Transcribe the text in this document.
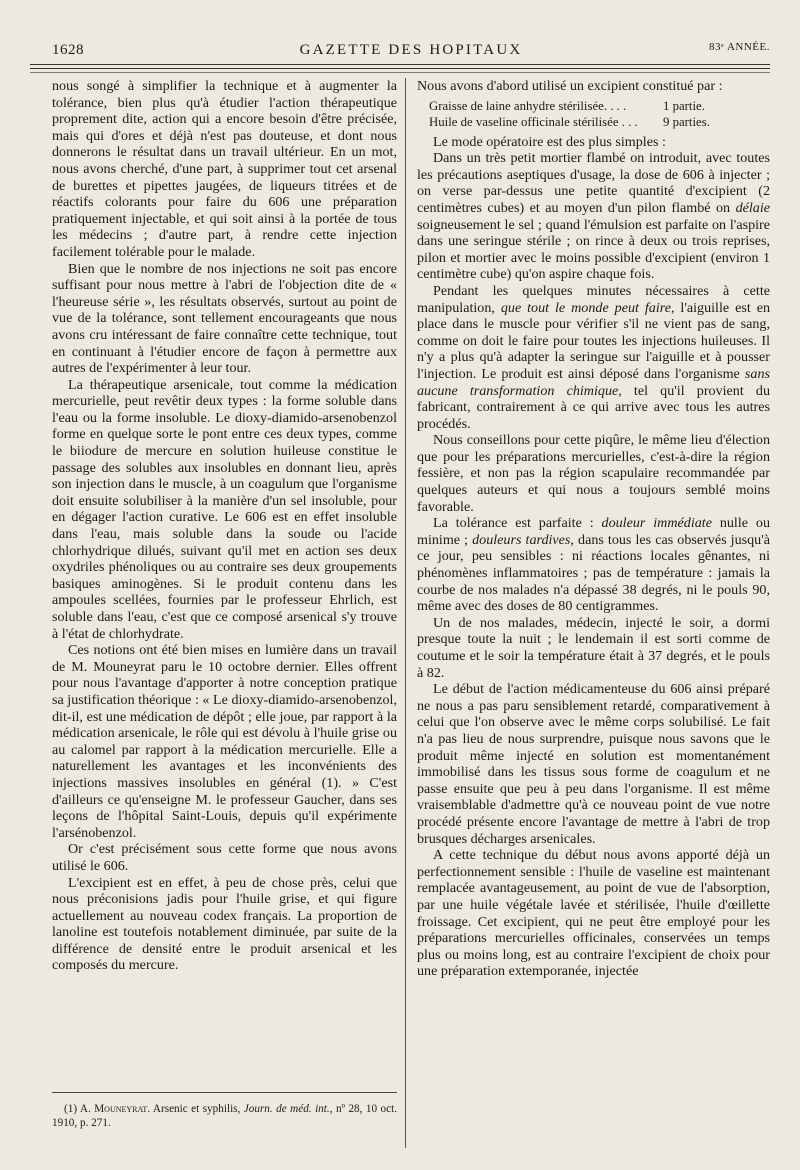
1628	GAZETTE DES HOPITAUX	83ᵉ ANNÉE.

nous songé à simplifier la technique et à augmenter la tolérance, bien plus qu'à étudier l'action thérapeutique proprement dite, action qui a encore besoin d'être précisée, mais qui d'ores et déjà n'est pas douteuse, et dont nous donnerons le résultat dans un travail ultérieur. En un mot, nous avons cherché, d'une part, à supprimer tout cet arsenal de burettes et pipettes jaugées, de liqueurs titrées et de réactifs colorants pour faire du 606 une préparation pratiquement injectable, et qui soit ainsi à la portée de tous les médecins ; d'autre part, à rendre cette injection facilement tolérable pour le malade.

Bien que le nombre de nos injections ne soit pas encore suffisant pour nous mettre à l'abri de l'objection dite de « l'heureuse série », les résultats observés, surtout au point de vue de la tolérance, sont tellement encourageants que nous avons cru intéressant de faire connaître cette technique, tout en continuant à l'étudier encore de façon à permettre aux autres de l'expérimenter à leur tour.

La thérapeutique arsenicale, tout comme la médication mercurielle, peut revêtir deux types : la forme soluble dans l'eau ou la forme insoluble. Le dioxy-diamido-arsenobenzol forme en quelque sorte le pont entre ces deux types, comme le biiodure de mercure en solution huileuse constitue le passage des solubles aux insolubles en donnant lieu, après son injection dans le muscle, à un coagulum que l'organisme doit ensuite solubiliser à la manière d'un sel insoluble, pour en dégager l'action curative. Le 606 est en effet insoluble dans l'eau, mais soluble dans la soude ou l'acide chlorhydrique dilués, suivant qu'il met en action ses deux oxydriles phénoliques ou au contraire ses deux groupements basiques aminogènes. Si le produit contenu dans les ampoules scellées, fournies par le professeur Ehrlich, est soluble dans l'eau, c'est que ce composé arsenical s'y trouve à l'état de chlorhydrate.

Ces notions ont été bien mises en lumière dans un travail de M. Mouneyrat paru le 10 octobre dernier. Elles offrent pour nous l'avantage d'apporter à notre conception pratique sa justification théorique : « Le dioxy-diamido-arsenobenzol, dit-il, est une médication de dépôt ; elle joue, par rapport à la médication arsenicale, le rôle qui est dévolu à l'huile grise ou au calomel par rapport à la médication mercurielle. Elle a naturellement les avantages et les inconvénients des injections massives insolubles en général (1). » C'est d'ailleurs ce qu'enseigne M. le professeur Gaucher, dans ses leçons de l'hôpital Saint-Louis, depuis qu'il expérimente l'arsénobenzol.

Or c'est précisément sous cette forme que nous avons utilisé le 606.

L'excipient est en effet, à peu de chose près, celui que nous préconisions jadis pour l'huile grise, et qui figure actuellement au nouveau codex français. La proportion de lanoline est toutefois notablement diminuée, par suite de la différence de densité entre le produit arsenical et les composés du mercure.

Nous avons d'abord utilisé un excipient constitué par :

Graisse de laine anhydre stérilisée. . . .	1 partie.
Huile de vaseline officinale stérilisée . . .	9 parties.

Le mode opératoire est des plus simples :

Dans un très petit mortier flambé on introduit, avec toutes les précautions aseptiques d'usage, la dose de 606 à injecter ; on verse par-dessus une petite quantité d'excipient (2 centimètres cubes) et au moyen d'un pilon flambé on délaie soigneusement le sel ; quand l'émulsion est parfaite on l'aspire dans une seringue stérile ; on rince à deux ou trois reprises, pilon et mortier avec le moins possible d'excipient (environ 1 centimètre cube) qu'on aspire chaque fois.

Pendant les quelques minutes nécessaires à cette manipulation, que tout le monde peut faire, l'aiguille est en place dans le muscle pour vérifier s'il ne vient pas de sang, comme on doit le faire pour toutes les injections huileuses. Il n'y a plus qu'à adapter la seringue sur l'aiguille et à pousser l'injection. Le produit est ainsi déposé dans l'organisme sans aucune transformation chimique, tel qu'il provient du fabricant, contrairement à ce qui arrive avec tous les autres procédés.

Nous conseillons pour cette piqûre, le même lieu d'élection que pour les préparations mercurielles, c'est-à-dire la région fessière, et non pas la région scapulaire recommandée par quelques auteurs et qui nous a toujours semblé moins favorable.

La tolérance est parfaite : douleur immédiate nulle ou minime ; douleurs tardives, dans tous les cas observés jusqu'à ce jour, peu sensibles : ni réactions locales gênantes, ni phénomènes inflammatoires ; pas de température : jamais la courbe de nos malades n'a dépassé 38 degrés, ni le pouls 90, même avec des doses de 80 centigrammes.

Un de nos malades, médecin, injecté le soir, a dormi presque toute la nuit ; le lendemain il est sorti comme de coutume et le soir la température était à 37 degrés, et le pouls à 82.

Le début de l'action médicamenteuse du 606 ainsi préparé ne nous a pas paru sensiblement retardé, comparativement à celui que l'on observe avec le même corps solubilisé. Le fait n'a pas lieu de nous surprendre, puisque nous savons que le produit même injecté en solution est momentanément immobilisé dans les tissus sous forme de coagulum et ne passe ensuite que peu à peu dans l'organisme. Il est même vraisemblable d'admettre qu'à ce nouveau point de vue notre procédé présente encore l'avantage de mettre à l'abri de trop brusques décharges arsenicales.

A cette technique du début nous avons apporté déjà un perfectionnement sensible : l'huile de vaseline est maintenant remplacée avantageusement, au point de vue de l'absorption, par une huile végétale lavée et stérilisée, l'huile d'œillette froissage. Cet excipient, qui ne peut être employé pour les préparations mercurielles officinales, conservées un temps plus ou moins long, est au contraire l'excipient de choix pour une préparation extemporanée, injectée

(1) A. Mouneyrat. Arsenic et syphilis, Journ. de méd. int., nº 28, 10 oct. 1910, p. 271.
